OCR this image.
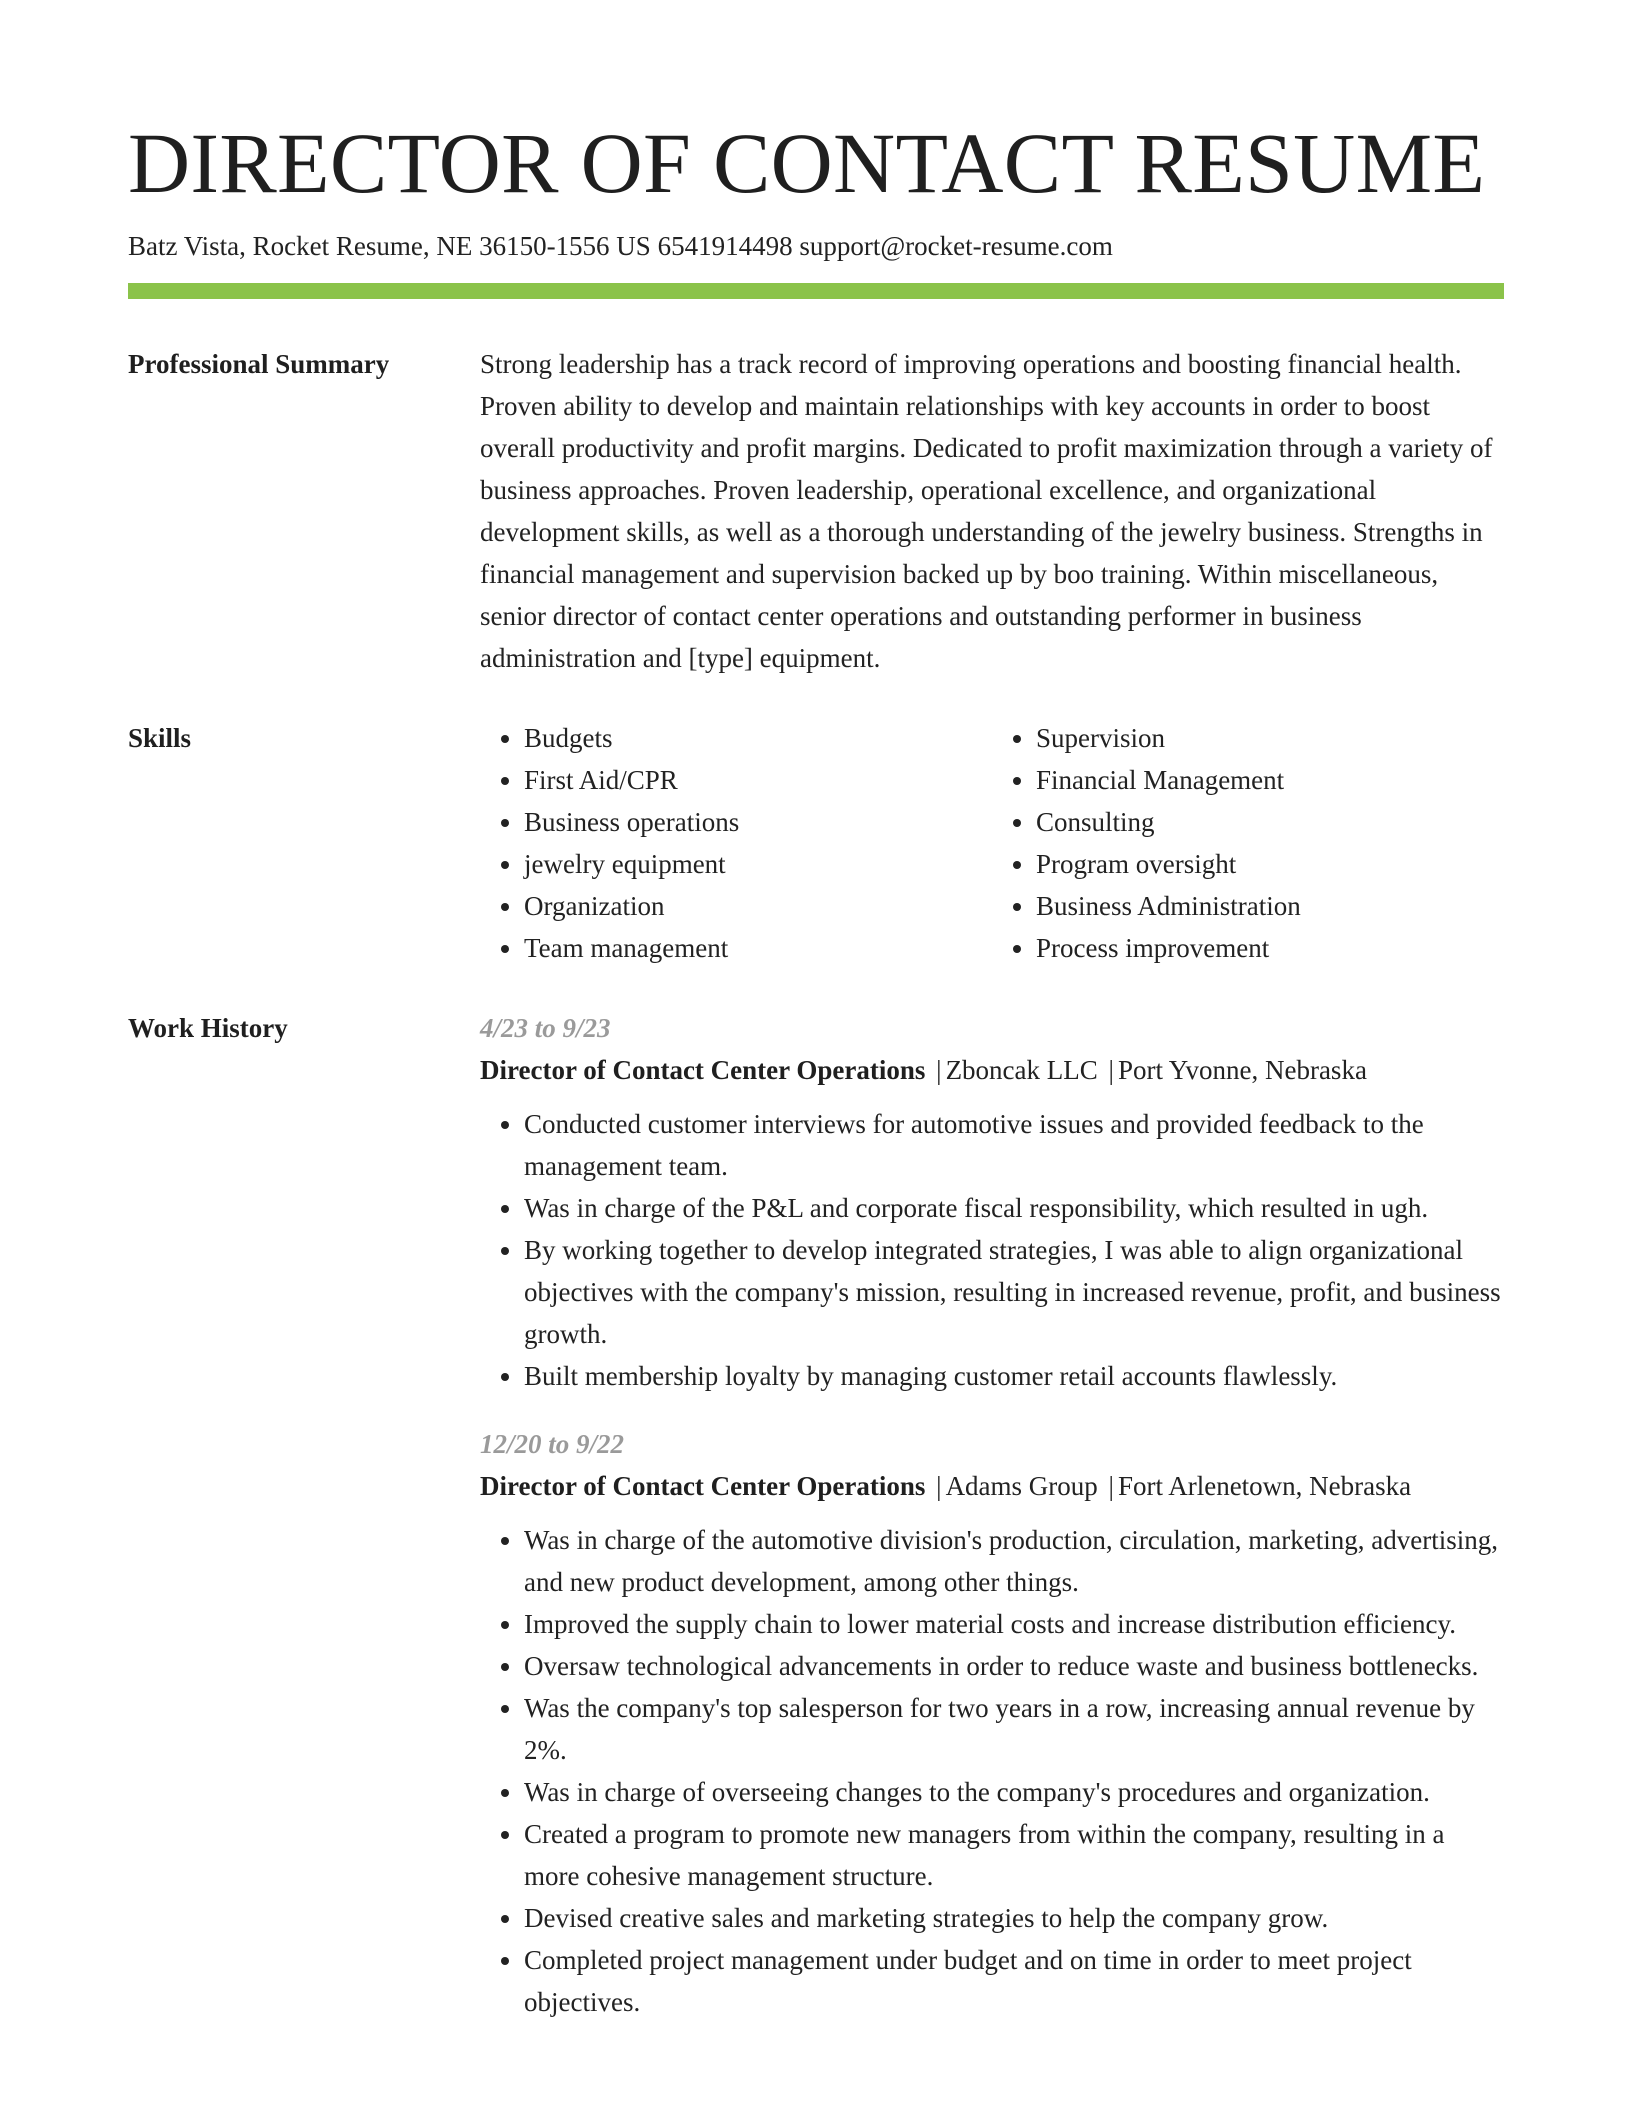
DIRECTOR OF CONTACT RESUME
Batz Vista, Rocket Resume, NE 36150-1556 US 6541914498 support@rocket-resume.com
Professional Summary	Strong leadership has a track record of improving operations and boosting financial health. Proven ability to develop and maintain relationships with key accounts in order to boost overall productivity and profit margins. Dedicated to profit maximization through a variety of business approaches. Proven leadership, operational excellence, and organizational development skills, as well as a thorough understanding of the jewelry business. Strengths in financial management and supervision backed up by boo training. Within miscellaneous, senior director of contact center operations and outstanding performer in business administration and [type] equipment.

Skills
•	Budgets
• First Aid/CPR
• Business operations
• jewelry equipment
• Organization
• Team management
• Supervision
• Financial Management
• Consulting
• Program oversight
• Business Administration
• Process improvement
Work History	4/23 to 9/23
Director of Contact Center Operations | Zboncak LLC | Port Yvonne, Nebraska
• Conducted customer interviews for automotive issues and provided feedback to the management team.
• Was in charge of the P&L and corporate fiscal responsibility, which resulted in ugh.
• By working together to develop integrated strategies, I was able to align organizational objectives with the company's mission, resulting in increased revenue, profit, and business growth.
• Built membership loyalty by managing customer retail accounts flawlessly.
12/20 to 9/22
Director of Contact Center Operations | Adams Group | Fort Arlenetown, Nebraska
• Was in charge of the automotive division's production, circulation, marketing, advertising, and new product development, among other things.
• Improved the supply chain to lower material costs and increase distribution efficiency.
• Oversaw technological advancements in order to reduce waste and business bottlenecks.
• Was the company's top salesperson for two years in a row, increasing annual revenue by 2%.
• Was in charge of overseeing changes to the company's procedures and organization.
• Created a program to promote new managers from within the company, resulting in a more cohesive management structure.
• Devised creative sales and marketing strategies to help the company grow.
• Completed project management under budget and on time in order to meet project objectives.
